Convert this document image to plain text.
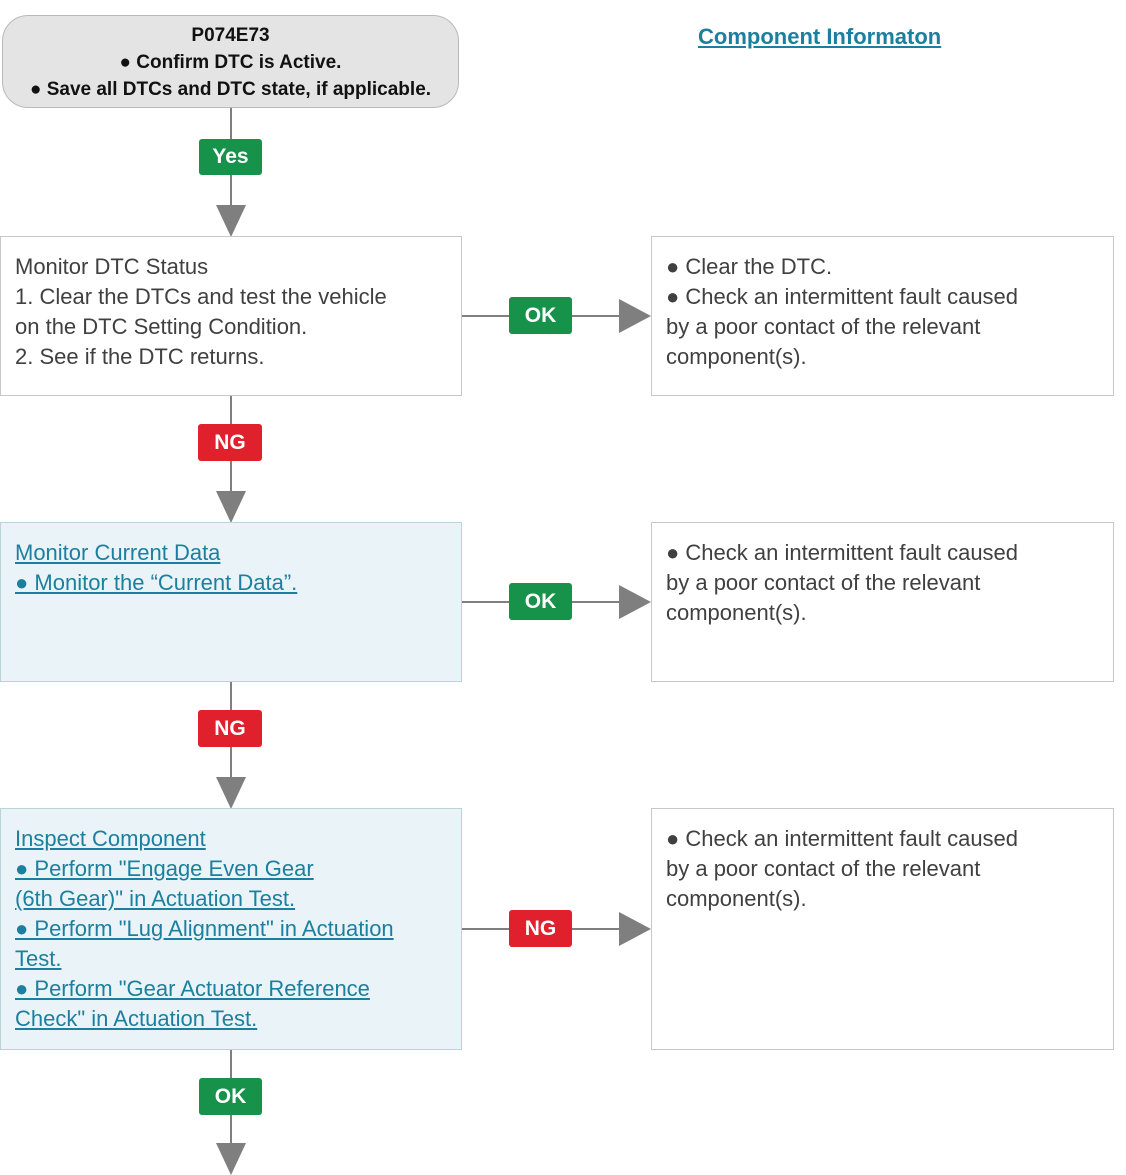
P074E73
● Confirm DTC is Active.
● Save all DTCs and DTC state, if applicable.
Component Informaton
Yes
Monitor DTC Status
1. Clear the DTCs and test the vehicle
on the DTC Setting Condition.
2. See if the DTC returns.
OK
● Clear the DTC.
● Check an intermittent fault caused
by a poor contact of the relevant
component(s).
NG
Monitor Current Data
● Monitor the “Current Data”.
OK
● Check an intermittent fault caused
by a poor contact of the relevant
component(s).
NG
Inspect Component
● Perform "Engage Even Gear
(6th Gear)" in Actuation Test.
● Perform "Lug Alignment" in Actuation
Test.
● Perform "Gear Actuator Reference
Check" in Actuation Test.
NG
● Check an intermittent fault caused
by a poor contact of the relevant
component(s).
OK
